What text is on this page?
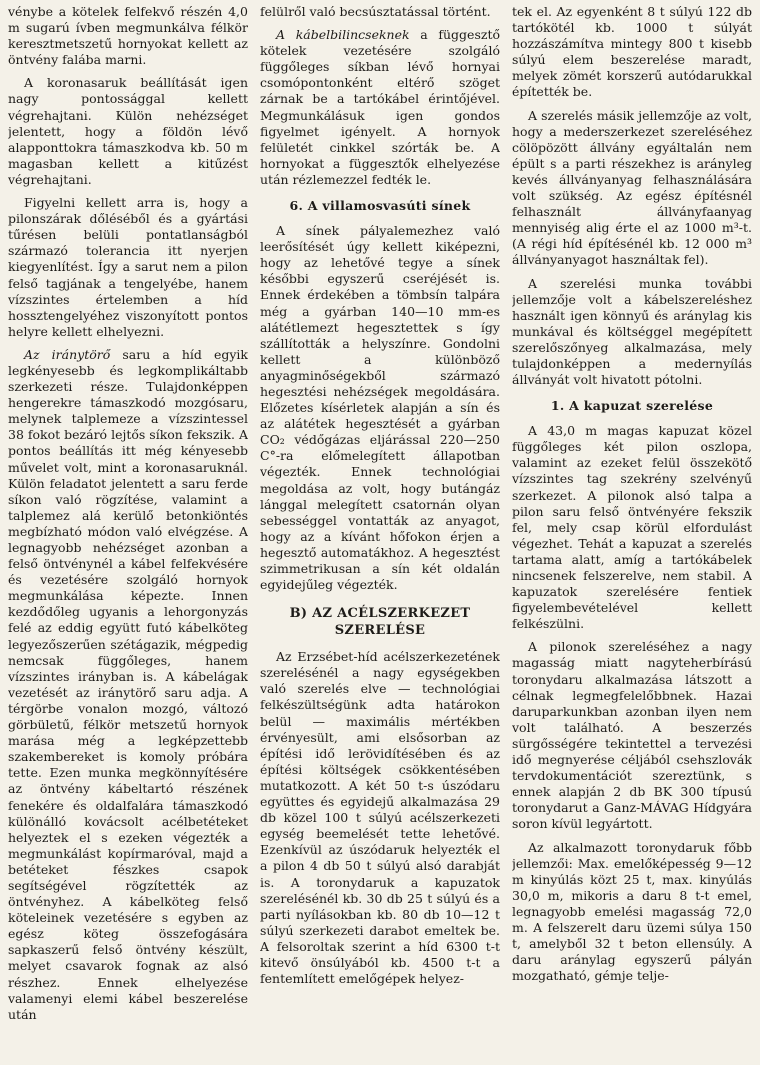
vénybe a kötelek felfekvő részén 4,0 m sugarú ívben megmunkálva félkör keresztmetszetű hornyokat kellett az öntvény falába marni.

A koronasaruk beállítását igen nagy pontossággal kellett végrehajtani. Külön nehézséget jelentett, hogy a földön lévő alapponttokra támaszkodva kb. 50 m magasban kellett a kitűzést végrehajtani.

Figyelni kellett arra is, hogy a pilonszárak dőléséből és a gyártási tűrésen belüli pontatlanságból származó tolerancia itt nyerjen kiegyenlítést. Így a sarut nem a pilon felső tagjának a tengelyébe, hanem vízszintes értelemben a híd hossztengelyéhez viszonyított pontos helyre kellett elhelyezni.

Az iránytörő saru a híd egyik legkényesebb és legkomplikáltabb szerkezeti része. Tulajdonképpen hengerekre támaszkodó mozgósaru, melynek talplemeze a vízszintessel 38 fokot bezáró lejtős síkon fekszik. A pontos beállítás itt még kényesebb művelet volt, mint a koronasaruknál. Külön feladatot jelentett a saru ferde síkon való rögzítése, valamint a talplemez alá kerülő betonkiöntés megbízható módon való elvégzése. A legnagyobb nehézséget azonban a felső öntvénynél a kábel felfekvésére és vezetésére szolgáló hornyok megmunkálása képezte. Innen kezdődőleg ugyanis a lehorgonyzás felé az eddig együtt futó kábelköteg legyezőszerűen szétágazik, mégpedig nemcsak függőleges, hanem vízszintes irányban is. A kábelágak vezetését az iránytörő saru adja. A térgörbe vonalon mozgó, változó görbületű, félkör metszetű hornyok marása még a legképzettebb szakembereket is komoly próbára tette. Ezen munka megkönnyítésére az öntvény kábeltartó részének fenekére és oldalfalára támaszkodó különálló kovácsolt acélbetéteket helyeztek el s ezeken végezték a megmunkálást kopírmaróval, majd a betéteket fészkes csapok segítségével rögzítették az öntvényhez. A kábelköteg felső köteleinek vezetésére s egyben az egész köteg összefogására sapkaszerű felső öntvény készült, melyet csavarok fognak az alsó részhez. Ennek elhelyezése valamenyi elemi kábel beszerelése után

felülről való becsúsztatással történt.

A kábelbilincseknek a függesztő kötelek vezetésére szolgáló függőleges síkban lévő hornyai csomópontonként eltérő szöget zárnak be a tartókábel érintőjével. Megmunkálásuk igen gondos figyelmet igényelt. A hornyok felületét cinkkel szórták be. A hornyokat a függesztők elhelyezése után rézlemezzel fedték le.

6. A villamosvasúti sínek

A sínek pályalemezhez való leerősítését úgy kellett kiképezni, hogy az lehetővé tegye a sínek későbbi egyszerű cseréjését is. Ennek érdekében a tömbsín talpára még a gyárban 140—10 mm-es alátétlemezt hegesztettek s így szállították a helyszínre. Gondolni kellett a különböző anyagminőségekből származó hegesztési nehézségek megoldására. Előzetes kísérletek alapján a sín és az alátétek hegesztését a gyárban CO₂ védőgázas eljárással 220—250 C°-ra előmelegített állapotban végezték. Ennek technológiai megoldása az volt, hogy butángáz lánggal melegített csatornán olyan sebességgel vontatták az anyagot, hogy az a kívánt hőfokon érjen a hegesztő automatákhoz. A hegesztést szimmetrikusan a sín két oldalán egyidejűleg végezték.

B) AZ ACÉLSZERKEZET SZERELÉSE

Az Erzsébet-híd acélszerkezetének szerelésénél a nagy egységekben való szerelés elve — technológiai felkészültségünk adta határokon belül — maximális mértékben érvényesült, ami elsősorban az építési idő lerövidítésében és az építési költségek csökkentésében mutatkozott. A két 50 t-s úszódaru együttes és egyidejű alkalmazása 29 db közel 100 t súlyú acélszerkezeti egység beemelését tette lehetővé. Ezenkívül az úszódaruk helyezték el a pilon 4 db 50 t súlyú alsó darabját is. A toronydaruk a kapuzatok szerelésénél kb. 30 db 25 t súlyú és a parti nyílásokban kb. 80 db 10—12 t súlyú szerkezeti darabot emeltek be. A felsoroltak szerint a híd 6300 t-t kitevő önsúlyából kb. 4500 t-t a fentemlített emelőgépek helyez-

tek el. Az egyenként 8 t súlyú 122 db tartókötél kb. 1000 t súlyát hozzászámítva mintegy 800 t kisebb súlyú elem beszerelése maradt, melyek zömét korszerű autódarukkal építették be.

A szerelés másik jellemzője az volt, hogy a mederszerkezet szereléséhez cölöpözött állvány egyáltalán nem épült s a parti részekhez is arányleg kevés állványanyag felhasználására volt szükség. Az egész építésnél felhasznált állványfaanyag mennyiség alig érte el az 1000 m³-t. (A régi híd építésénél kb. 12 000 m³ állványanyagot használtak fel).

A szerelési munka további jellemzője volt a kábelszereléshez használt igen könnyű és aránylag kis munkával és költséggel megépített szerelőszőnyeg alkalmazása, mely tulajdonképpen a medernyílás állványát volt hivatott pótolni.

1. A kapuzat szerelése

A 43,0 m magas kapuzat közel függőleges két pilon oszlopa, valamint az ezeket felül összekötő vízszintes tag szekrény szelvényű szerkezet. A pilonok alsó talpa a pilon saru felső öntvényére fekszik fel, mely csap körül elfordulást végezhet. Tehát a kapuzat a szerelés tartama alatt, amíg a tartókábelek nincsenek felszerelve, nem stabil. A kapuzatok szerelésére fentiek figyelembevételével kellett felkészülni.

A pilonok szereléséhez a nagy magasság miatt nagyteherbírású toronydaru alkalmazása látszott a célnak legmegfelelőbbnek. Hazai daruparkunkban azonban ilyen nem volt található. A beszerzés sürgősségére tekintettel a tervezési idő megnyerése céljából csehszlovák tervdokumentációt szereztünk, s ennek alapján 2 db BK 300 típusú toronydarut a Ganz-MÁVAG Hídgyára soron kívül legyártott.

Az alkalmazott toronydaruk főbb jellemzői: Max. emelőképesség 9—12 m kinyúlás közt 25 t, max. kinyúlás 30,0 m, mikoris a daru 8 t-t emel, legnagyobb emelési magasság 72,0 m. A felszerelt daru üzemi súlya 150 t, amelyből 32 t beton ellensúly. A daru aránylag egyszerű pályán mozgatható, gémje telje-
